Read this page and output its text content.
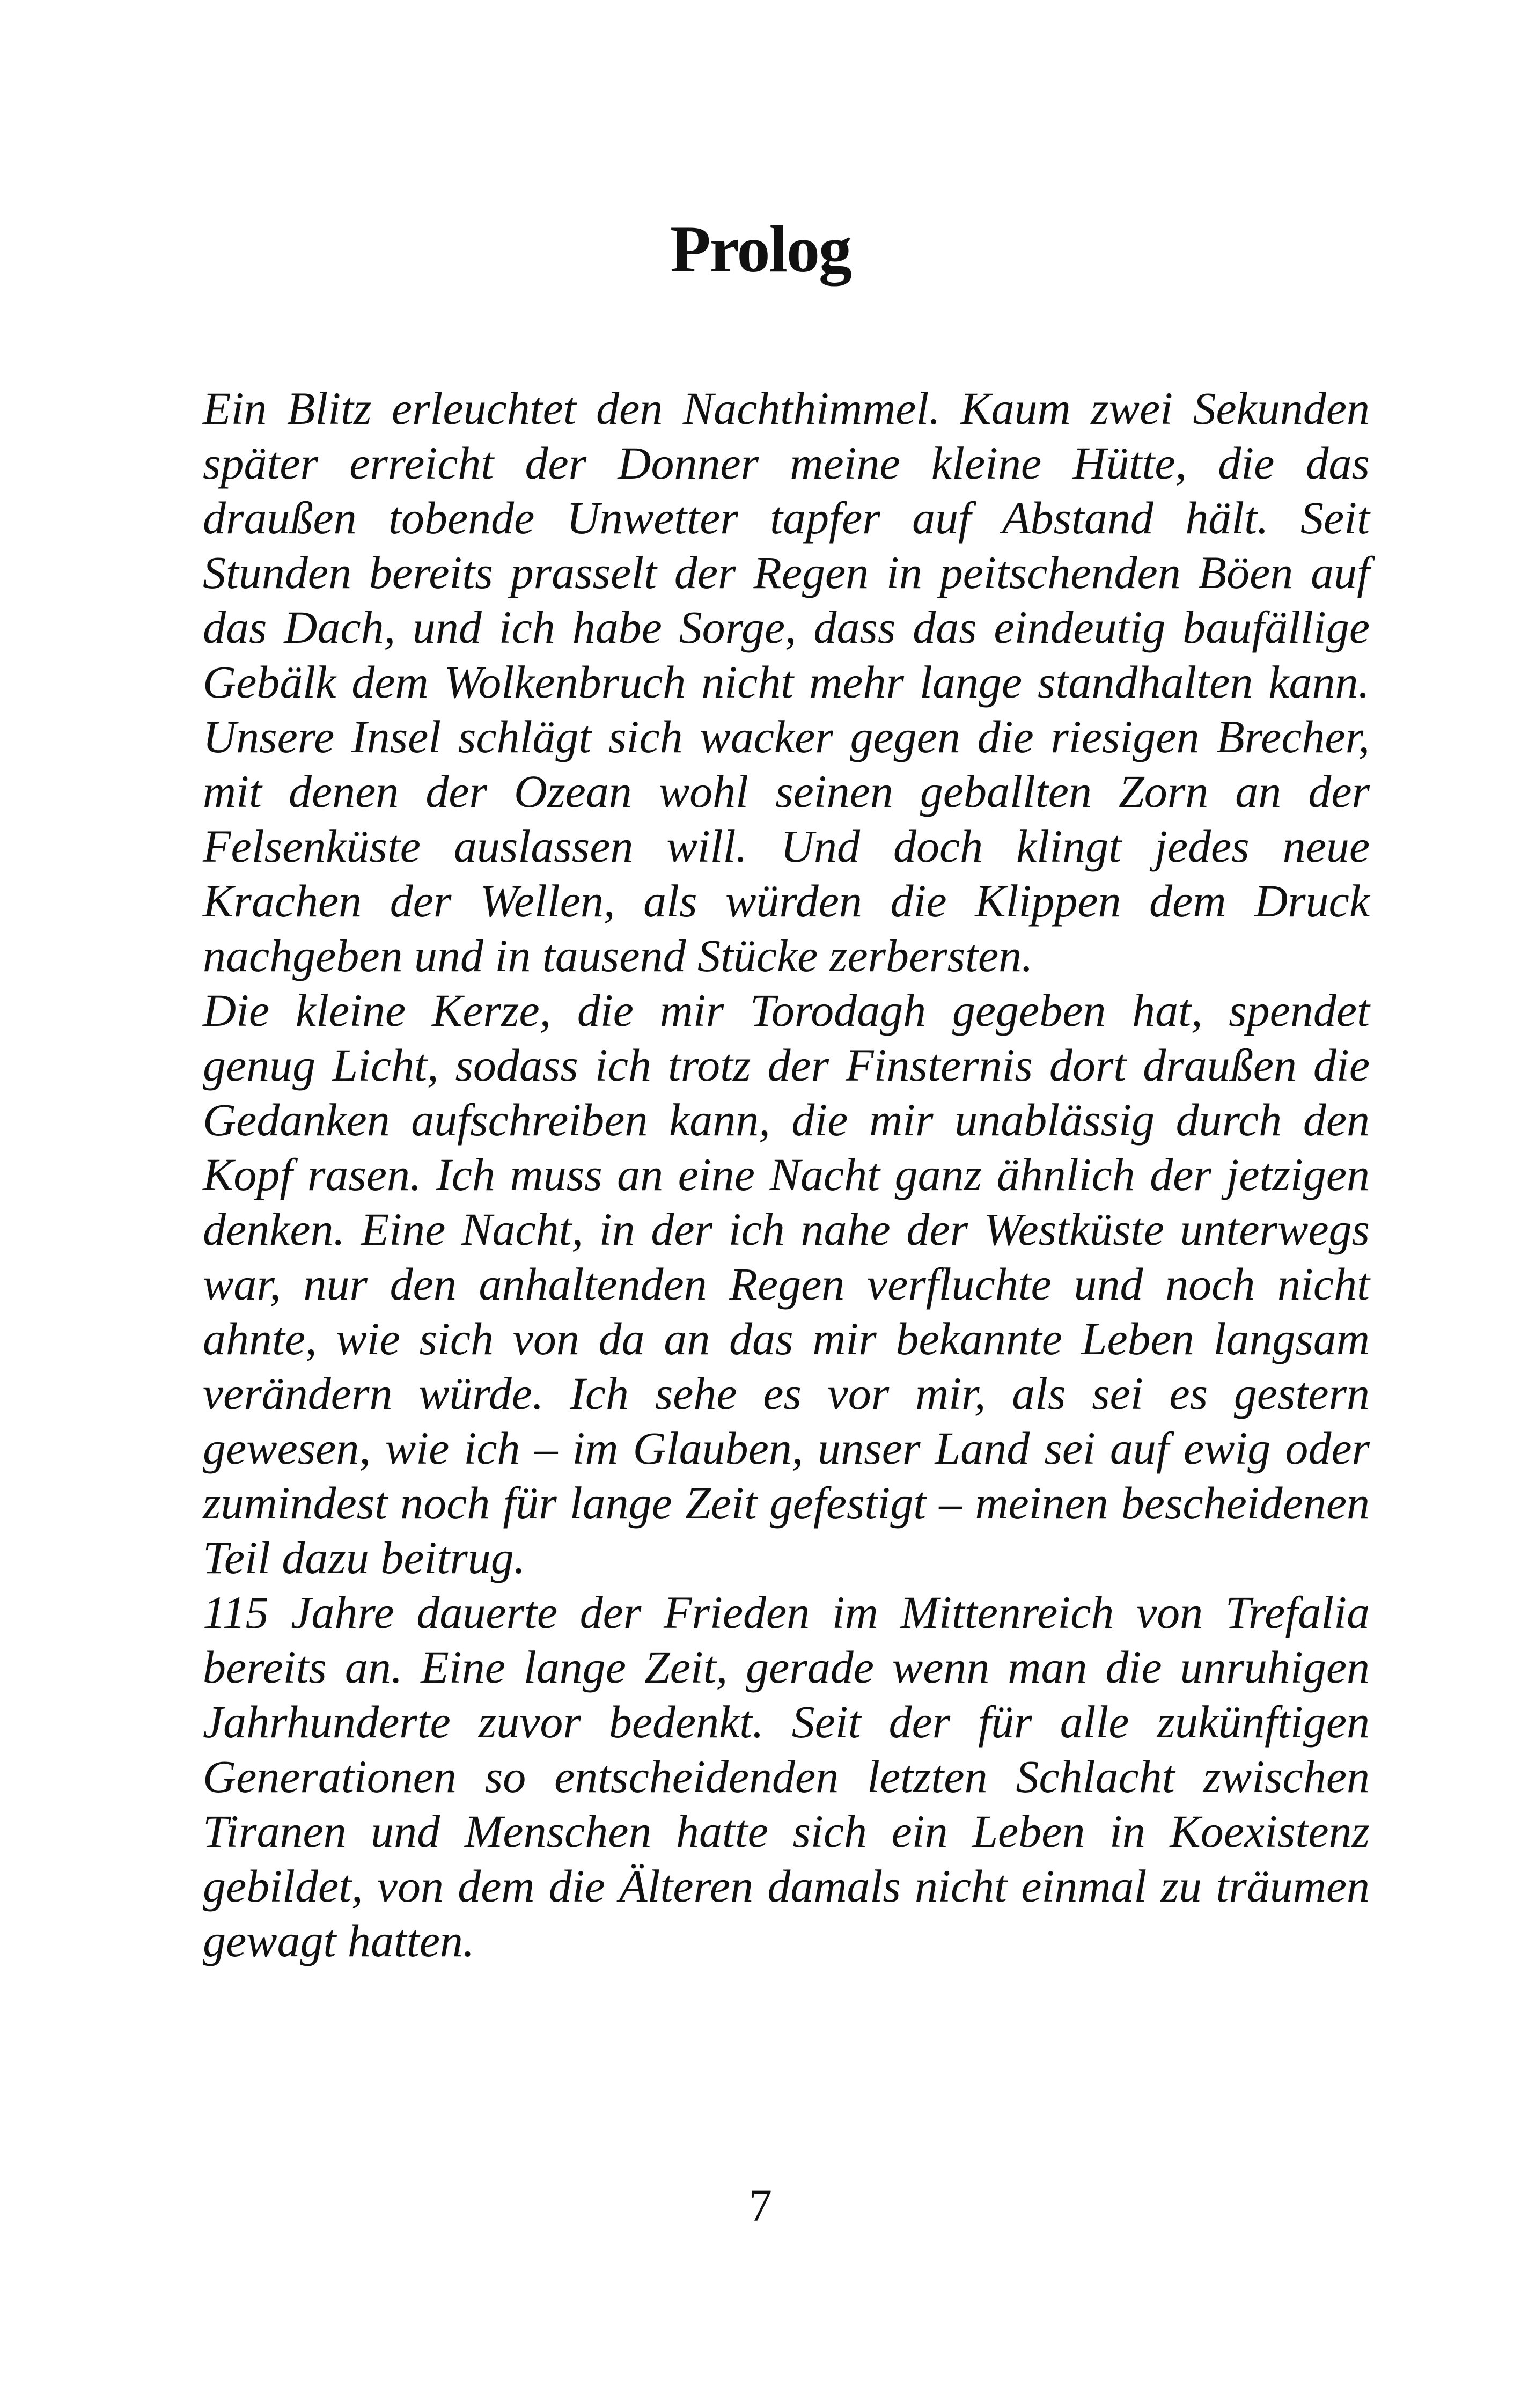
Prolog

Ein Blitz erleuchtet den Nachthimmel. Kaum zwei Sekunden später erreicht der Donner meine kleine Hütte, die das draußen tobende Unwetter tapfer auf Abstand hält. Seit Stunden bereits prasselt der Regen in peitschenden Böen auf das Dach, und ich habe Sorge, dass das eindeutig baufällige Gebälk dem Wolkenbruch nicht mehr lange standhalten kann. Unsere Insel schlägt sich wacker gegen die riesigen Brecher, mit denen der Ozean wohl seinen geballten Zorn an der Felsenküste auslassen will. Und doch klingt jedes neue Krachen der Wellen, als würden die Klippen dem Druck nachgeben und in tausend Stücke zerbersten.

Die kleine Kerze, die mir Torodagh gegeben hat, spendet genug Licht, sodass ich trotz der Finsternis dort draußen die Gedanken aufschreiben kann, die mir unablässig durch den Kopf rasen. Ich muss an eine Nacht ganz ähnlich der jetzigen denken. Eine Nacht, in der ich nahe der Westküste unterwegs war, nur den anhaltenden Regen verfluchte und noch nicht ahnte, wie sich von da an das mir bekannte Leben langsam verändern würde. Ich sehe es vor mir, als sei es gestern gewesen, wie ich – im Glauben, unser Land sei auf ewig oder zumindest noch für lange Zeit gefestigt – meinen bescheidenen Teil dazu beitrug.

115 Jahre dauerte der Frieden im Mittenreich von Trefalia bereits an. Eine lange Zeit, gerade wenn man die unruhigen Jahrhunderte zuvor bedenkt. Seit der für alle zukünftigen Generationen so entscheidenden letzten Schlacht zwischen Tiranen und Menschen hatte sich ein Leben in Koexistenz gebildet, von dem die Älteren damals nicht einmal zu träumen gewagt hatten.

7
